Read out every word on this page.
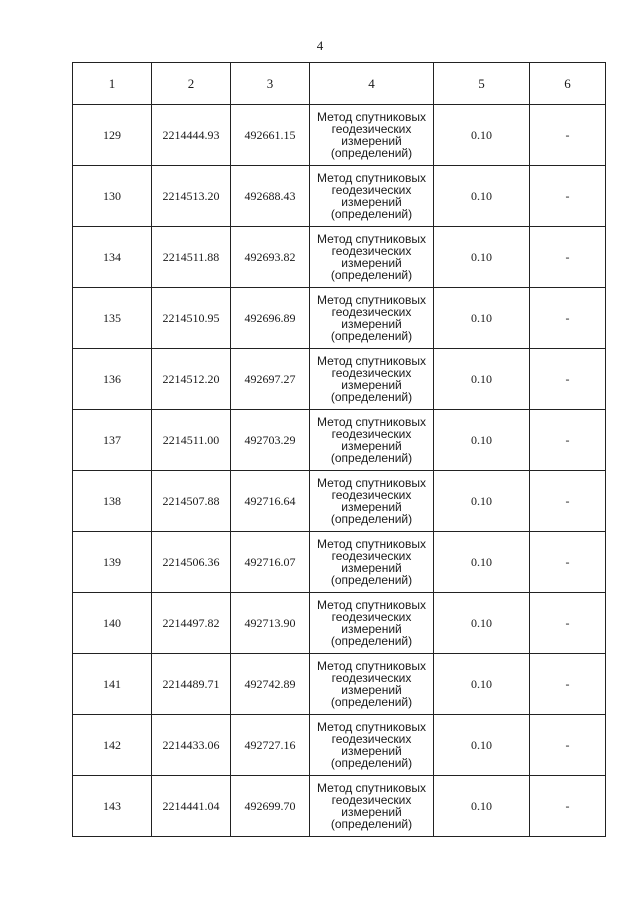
4
1	2	3	4	5	6
129	2214444.93	492661.15	Метод спутниковых
геодезических
измерений
(определений)	0.10	-
130	2214513.20	492688.43	Метод спутниковых
геодезических
измерений
(определений)	0.10	-
134	2214511.88	492693.82	Метод спутниковых
геодезических
измерений
(определений)	0.10	-
135	2214510.95	492696.89	Метод спутниковых
геодезических
измерений
(определений)	0.10	-
136	2214512.20	492697.27	Метод спутниковых
геодезических
измерений
(определений)	0.10	-
137	2214511.00	492703.29	Метод спутниковых
геодезических
измерений
(определений)	0.10	-
138	2214507.88	492716.64	Метод спутниковых
геодезических
измерений
(определений)	0.10	-
139	2214506.36	492716.07	Метод спутниковых
геодезических
измерений
(определений)	0.10	-
140	2214497.82	492713.90	Метод спутниковых
геодезических
измерений
(определений)	0.10	-
141	2214489.71	492742.89	Метод спутниковых
геодезических
измерений
(определений)	0.10	-
142	2214433.06	492727.16	Метод спутниковых
геодезических
измерений
(определений)	0.10	-
143	2214441.04	492699.70	Метод спутниковых
геодезических
измерений
(определений)	0.10	-
